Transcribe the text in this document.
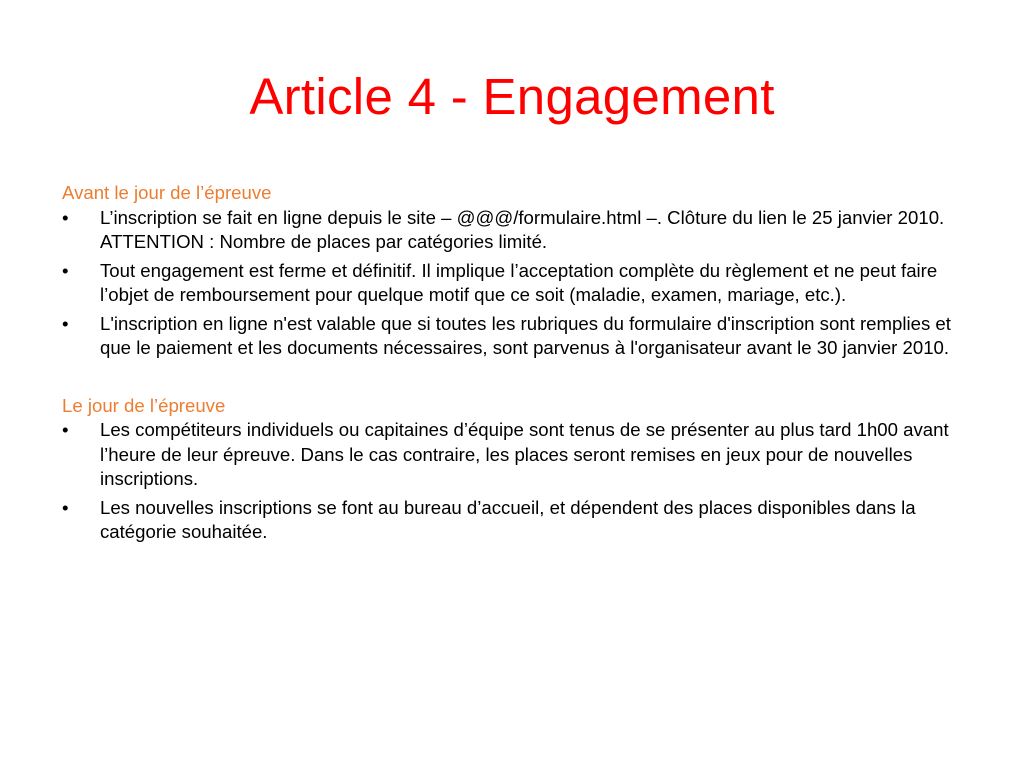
Article 4 - Engagement

Avant le jour de l’épreuve

•	L’inscription se fait en ligne depuis le site – @@@/formulaire.html –. Clôture du lien le 25 janvier 2010. ATTENTION : Nombre de places par catégories limité.
•	Tout engagement est ferme et définitif. Il implique l’acceptation complète du règlement et ne peut faire l’objet de remboursement pour quelque motif que ce soit (maladie, examen, mariage, etc.).
•	L'inscription en ligne n'est valable que si toutes les rubriques du formulaire d'inscription sont remplies et que le paiement et les documents nécessaires, sont parvenus à l'organisateur avant le 30 janvier 2010.

Le jour de l’épreuve

•	Les compétiteurs individuels ou capitaines d’équipe sont tenus de se présenter au plus tard 1h00 avant l’heure de leur épreuve. Dans le cas contraire, les places seront remises en jeux pour de nouvelles inscriptions.
•	Les nouvelles inscriptions se font au bureau d’accueil, et dépendent des places disponibles dans la catégorie souhaitée.
